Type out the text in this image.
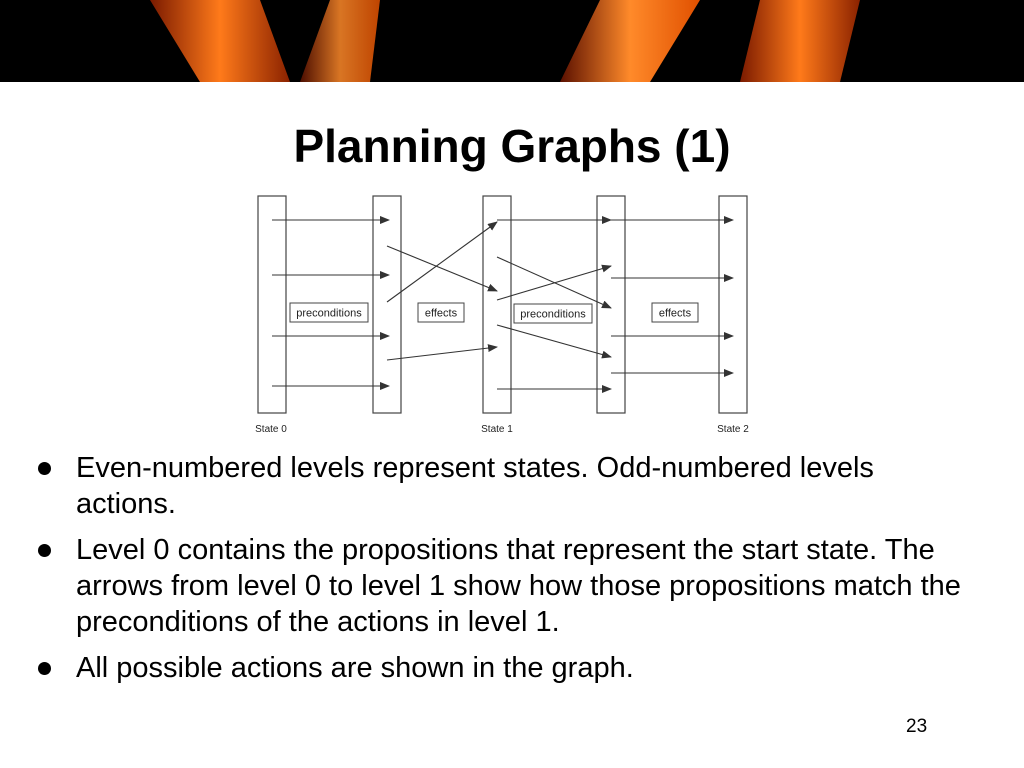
Planning Graphs (1)
preconditions	effects	preconditions	effects
State 0	State 1	State 2
Even-numbered levels represent states. Odd-numbered levels actions.
Level 0 contains the propositions that represent the start state. The arrows from level 0 to level 1 show how those propositions match the preconditions of the actions in level 1.
All possible actions are shown in the graph.
23
